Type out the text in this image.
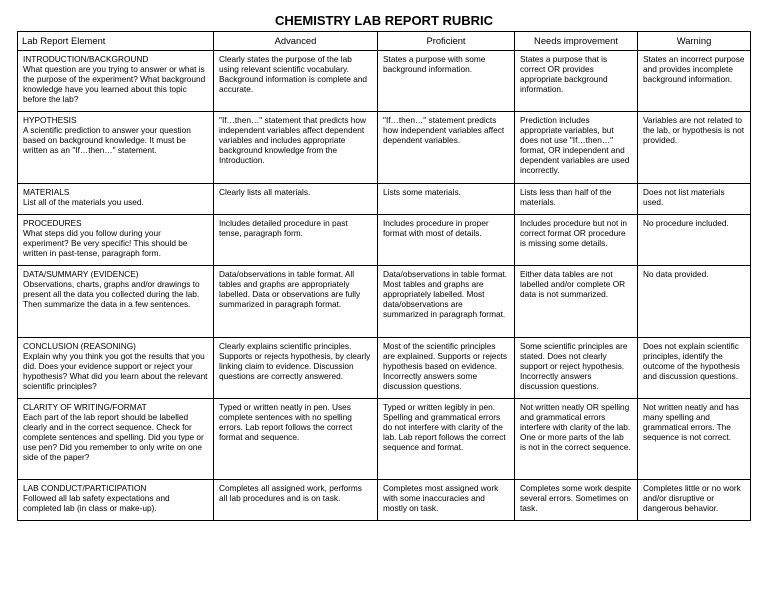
CHEMISTRY LAB REPORT RUBRIC
Lab Report Element	Advanced	Proficient	Needs improvement	Warning

INTRODUCTION/BACKGROUND
What question are you trying to answer or what is the purpose of the experiment? What background knowledge have you learned about this topic before the lab?	Clearly states the purpose of the lab using relevant scientific vocabulary. Background information is complete and accurate.	States a purpose with some background information.	States a purpose that is correct OR provides appropriate background information.	States an incorrect purpose and provides incomplete background information.

HYPOTHESIS
A scientific prediction to answer your question based on background knowledge. It must be written as an "If…then…" statement.	"If…then…" statement that predicts how independent variables affect dependent variables and includes appropriate background knowledge from the Introduction.	"If…then…" statement predicts how independent variables affect dependent variables.	Prediction includes appropriate variables, but does not use "If…then…" format, OR independent and dependent variables are used incorrectly.	Variables are not related to the lab, or hypothesis is not provided.

MATERIALS
List all of the materials you used.	Clearly lists all materials.	Lists some materials.	Lists less than half of the materials.	Does not list materials used.

PROCEDURES
What steps did you follow during your experiment? Be very specific! This should be written in past-tense, paragraph form.	Includes detailed procedure in past tense, paragraph form.	Includes procedure in proper format with most of details.	Includes procedure but not in correct format OR procedure is missing some details.	No procedure included.

DATA/SUMMARY (EVIDENCE)
Observations, charts, graphs and/or drawings to present all the data you collected during the lab. Then summarize the data in a few sentences.	Data/observations in table format. All tables and graphs are appropriately labelled. Data or observations are fully summarized in paragraph format.	Data/observations in table format. Most tables and graphs are appropriately labelled. Most data/observations are summarized in paragraph format.	Either data tables are not labelled and/or complete OR data is not summarized.	No data provided.

CONCLUSION (REASONING)
Explain why you think you got the results that you did. Does your evidence support or reject your hypothesis? What did you learn about the relevant scientific principles?	Clearly explains scientific principles. Supports or rejects hypothesis, by clearly linking claim to evidence. Discussion questions are correctly answered.	Most of the scientific principles are explained. Supports or rejects hypothesis based on evidence. Incorrectly answers some discussion questions.	Some scientific principles are stated. Does not clearly support or reject hypothesis. Incorrectly answers discussion questions.	Does not explain scientific principles, identify the outcome of the hypothesis and discussion questions.

CLARITY OF WRITING/FORMAT
Each part of the lab report should be labelled clearly and in the correct sequence. Check for complete sentences and spelling. Did you type or use pen? Did you remember to only write on one side of the paper?	Typed or written neatly in pen. Uses complete sentences with no spelling errors. Lab report follows the correct format and sequence.	Typed or written legibly in pen. Spelling and grammatical errors do not interfere with clarity of the lab. Lab report follows the correct sequence and format.	Not written neatly OR spelling and grammatical errors interfere with clarity of the lab. One or more parts of the lab is not in the correct sequence.	Not written neatly and has many spelling and grammatical errors. The sequence is not correct.

LAB CONDUCT/PARTICIPATION
Followed all lab safety expectations and completed lab (in class or make-up).	Completes all assigned work, performs all lab procedures and is on task.	Completes most assigned work with some inaccuracies and mostly on task.	Completes some work despite several errors. Sometimes on task.	Completes little or no work and/or disruptive or dangerous behavior.
